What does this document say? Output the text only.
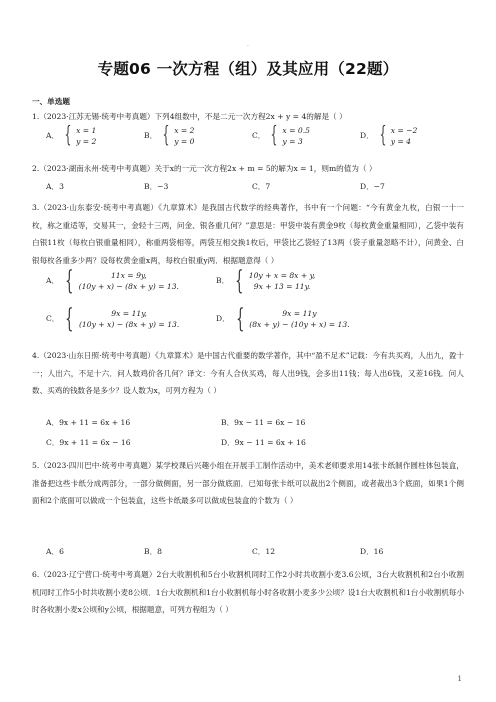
·
专题06 一次方程（组）及其应用（22题）
一、单选题
1.（2023·江苏无锡·统考中考真题）下列4组数中，不是二元一次方程2x + y = 4的解是（ ）
A． { x = 1
y = 2
B． { x = 2
y = 0
C． { x = 0.5
y = 3
D． { x = −2
y = 4
2.（2023·湖南永州·统考中考真题）关于x的一元一次方程2x + m = 5的解为x = 1，则m的值为（ ）
A．3	B．−3	C．7	D．−7
3.（2023·山东泰安·统考中考真题）《九章算术》是我国古代数学的经典著作，书中有一个问题：“今有黄金九枚，白银一十一枚，称之重适等，交易其一，金轻十三两，问金、银各重几何？”意思是：甲袋中装有黄金9枚（每枚黄金重量相同），乙袋中装有白银11枚（每枚白银重量相同），称重两袋相等，两袋互相交换1枚后，甲袋比乙袋轻了13两（袋子重量忽略不计），问黄金、白银每枚各重多少两？设每枚黄金重x两，每枚白银重y两．根据题意得（ ）
A． {	11x = 9y,
(10y + x) − (8x + y) = 13.
B． { 10y + x = 8x + y,
9x + 13 = 11y.
C． {	9x = 11y,
(10y + x) − (8x + y) = 13.
D． {	9x = 11y
(8x + y) − (10y + x) = 13.
4.（2023·山东日照·统考中考真题）《九章算术》是中国古代重要的数学著作，其中“盈不足术”记载：今有共买鸡，人出九，盈十一；人出六，不足十六．问人数鸡价各几何？译文：今有人合伙买鸡，每人出9钱，会多出11钱；每人出6钱，又差16钱．问人数、买鸡的钱数各是多少？设人数为x，可列方程为（ ）
A．9x + 11 = 6x + 16	B．9x − 11 = 6x − 16
C．9x + 11 = 6x − 16	D．9x − 11 = 6x + 16
5.（2023·四川巴中·统考中考真题）某学校课后兴趣小组在开展手工制作活动中，美术老师要求用14张卡纸制作圆柱体包装盒，准备把这些卡纸分成两部分，一部分做侧面，另一部分做底面．已知每张卡纸可以裁出2个侧面，或者裁出3个底面，如果1个侧面和2个底面可以做成一个包装盒，这些卡纸最多可以做成包装盒的个数为（ ）
A．6	B．8	C．12	D．16
6.（2023·辽宁营口·统考中考真题）2台大收割机和5台小收割机同时工作2小时共收割小麦3.6公顷，3台大收割机和2台小收割机同时工作5小时共收割小麦8公顷．1台大收割机和1台小收割机每小时各收割小麦多少公顷？设1台大收割机和1台小收割机每小时各收割小麦x公顷和y公顷，根据题意，可列方程组为（ ）
1
